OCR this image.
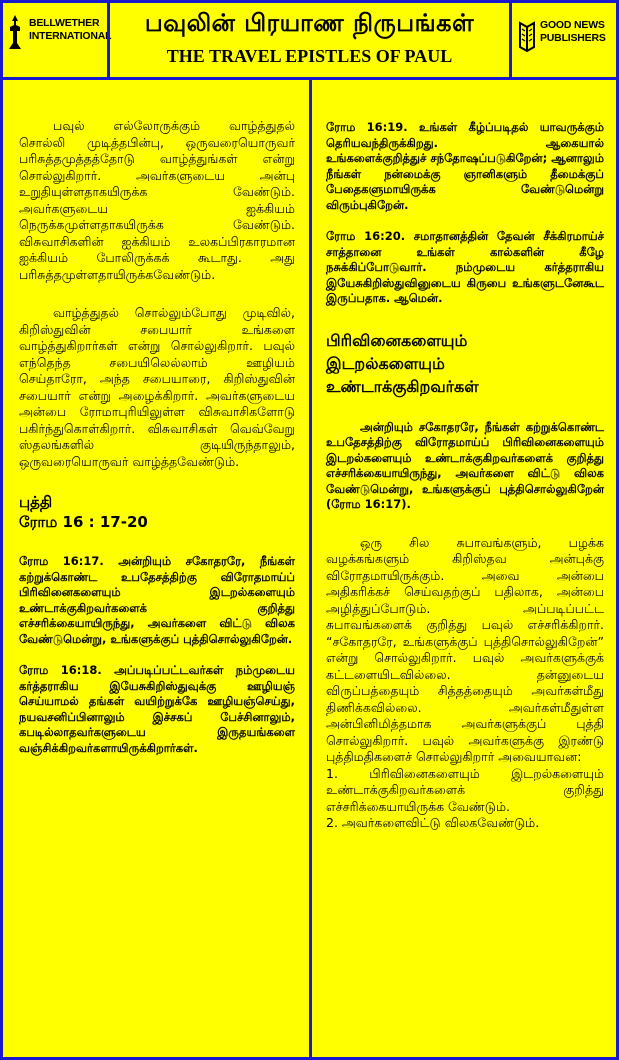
BELLWETHER
INTERNATIONAL	பவுலின் பிரயாண நிருபங்கள்
THE TRAVEL EPISTLES OF PAUL
GOOD NEWS
PUBLISHERS

பவுல் எல்லோருக்கும் வாழ்த்துதல் சொல்லி முடித்தபின்பு, ஒருவரையொருவர் பரிசுத்தமுத்தத்தோடு வாழ்த்துங்கள் என்று சொல்லுகிறார். அவர்களுடைய அன்பு உறுதியுள்ளதாகயிருக்க வேண்டும். அவர்களுடைய ஐக்கியம் நெருக்கமுள்ளதாகயிருக்க வேண்டும். விசுவாசிகளின் ஐக்கியம் உலகப்பிரகாரமான ஐக்கியம் போலிருக்கக் கூடாது. அது பரிசுத்தமுள்ளதாயிருக்கவேண்டும்.

வாழ்த்துதல் சொல்லும்போது முடிவில், கிறிஸ்துவின் சபையார் உங்களை வாழ்த்துகிறார்கள் என்று சொல்லுகிறார். பவுல் எந்தெந்த சபையிலெல்லாம் ஊழியம் செய்தாரோ, அந்த சபையாரை, கிறிஸ்துவின் சபையார் என்று அழைக்கிறார். அவர்களுடைய அன்பை ரோமாபுரியிலுள்ள விசுவாசிகளோடு பகிர்ந்துகொள்கிறார். விசுவாசிகள் வெவ்வேறு ஸ்தலங்களில் குடியிருந்தாலும், ஒருவரையொருவர் வாழ்த்தவேண்டும்.

புத்தி
ரோம 16 : 17-20

ரோம 16:17. அன்றியும் சகோதரரே, நீங்கள் கற்றுக்கொண்ட உபதேசத்திற்கு விரோதமாய்ப் பிரிவினைகளையும் இடறல்களையும் உண்டாக்குகிறவர்களைக் குறித்து எச்சரிக்கையாயிருந்து, அவர்களை விட்டு விலக வேண்டுமென்று, உங்களுக்குப் புத்திசொல்லுகிறேன்.

ரோம 16:18. அப்படிப்பட்டவர்கள் நம்முடைய கர்த்தராகிய இயேசுகிறிஸ்துவுக்கு ஊழியஞ் செய்யாமல் தங்கள் வயிற்றுக்கே ஊழியஞ்செய்து, நயவசனிப்பினாலும் இச்சகப் பேச்சினாலும், கபடில்லாதவர்களுடைய இருதயங்களை வஞ்சிக்கிறவர்களாயிருக்கிறார்கள்.

ரோம 16:19. உங்கள் கீழ்ப்படிதல் யாவருக்கும் தெரியவந்திருக்கிறது. ஆகையால் உங்களைக்குறித்துச் சந்தோஷப்படுகிறேன்; ஆனாலும் நீங்கள் நன்மைக்கு ஞானிகளும் தீமைக்குப் பேதைகளுமாயிருக்க வேண்டுமென்று விரும்புகிறேன்.

ரோம 16:20. சமாதானத்தின் தேவன் சீக்கிரமாய்ச் சாத்தானை உங்கள் கால்களின் கீழே நசுக்கிப்போடுவார். நம்முடைய கர்த்தராகிய இயேசுகிறிஸ்துவினுடைய கிருபை உங்களுடனேகூட இருப்பதாக. ஆமென்.

பிரிவினைகளையும்
இடறல்களையும்
உண்டாக்குகிறவர்கள்

அன்றியும் சகோதரரே, நீங்கள் கற்றுக்கொண்ட உபதேசத்திற்கு விரோதமாய்ப் பிரிவினைகளையும் இடறல்களையும் உண்டாக்குகிறவர்களைக் குறித்து எச்சரிக்கையாயிருந்து, அவர்களை விட்டு விலக வேண்டுமென்று, உங்களுக்குப் புத்திசொல்லுகிறேன் (ரோம 16:17).

ஒரு சில சுபாவங்களும், பழக்க வழக்கங்களும் கிறிஸ்தவ அன்புக்கு விரோதமாயிருக்கும். அவை அன்பை அதிகரிக்கச் செய்வதற்குப் பதிலாக, அன்பை அழித்துப்போடும். அப்படிப்பட்ட சுபாவங்களைக் குறித்து பவுல் எச்சரிக்கிறார். “சகோதரரே, உங்களுக்குப் புத்திசொல்லுகிறேன்” என்று சொல்லுகிறார். பவுல் அவர்களுக்குக் கட்டளையிடவில்லை. தன்னுடைய விருப்பத்தையும் சித்தத்தையும் அவர்கள்மீது திணிக்கவில்லை. அவர்கள்மீதுள்ள அன்பினிமித்தமாக அவர்களுக்குப் புத்தி சொல்லுகிறார். பவுல் அவர்களுக்கு இரண்டு புத்திமதிகளைச் சொல்லுகிறார் அவையாவன:

1. பிரிவினைகளையும் இடறல்களையும் உண்டாக்குகிறவர்களைக் குறித்து எச்சரிக்கையாயிருக்க வேண்டும்.

2. அவர்களைவிட்டு விலகவேண்டும்.
